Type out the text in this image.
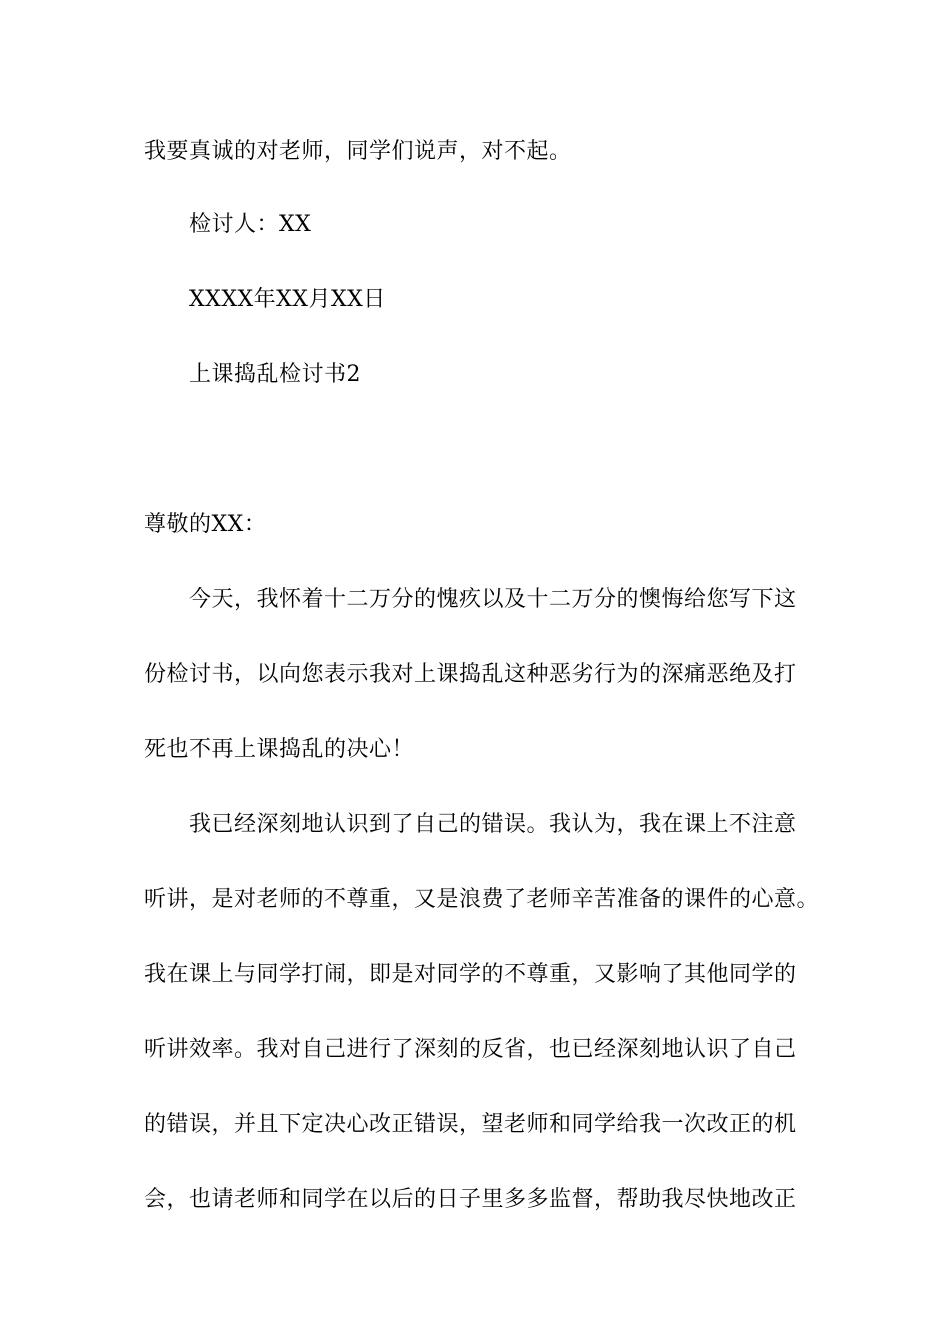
我要真诚的对老师，同学们说声，对不起。
检讨人：XX
XXXX年XX月XX日
上课捣乱检讨书2
尊敬的XX：
今天，我怀着十二万分的愧疚以及十二万分的懊悔给您写下这
份检讨书，以向您表示我对上课捣乱这种恶劣行为的深痛恶绝及打
死也不再上课捣乱的决心！
我已经深刻地认识到了自己的错误。我认为，我在课上不注意
听讲，是对老师的不尊重，又是浪费了老师辛苦准备的课件的心意。
我在课上与同学打闹，即是对同学的不尊重，又影响了其他同学的
听讲效率。我对自己进行了深刻的反省，也已经深刻地认识了自己
的错误，并且下定决心改正错误，望老师和同学给我一次改正的机
会，也请老师和同学在以后的日子里多多监督，帮助我尽快地改正
